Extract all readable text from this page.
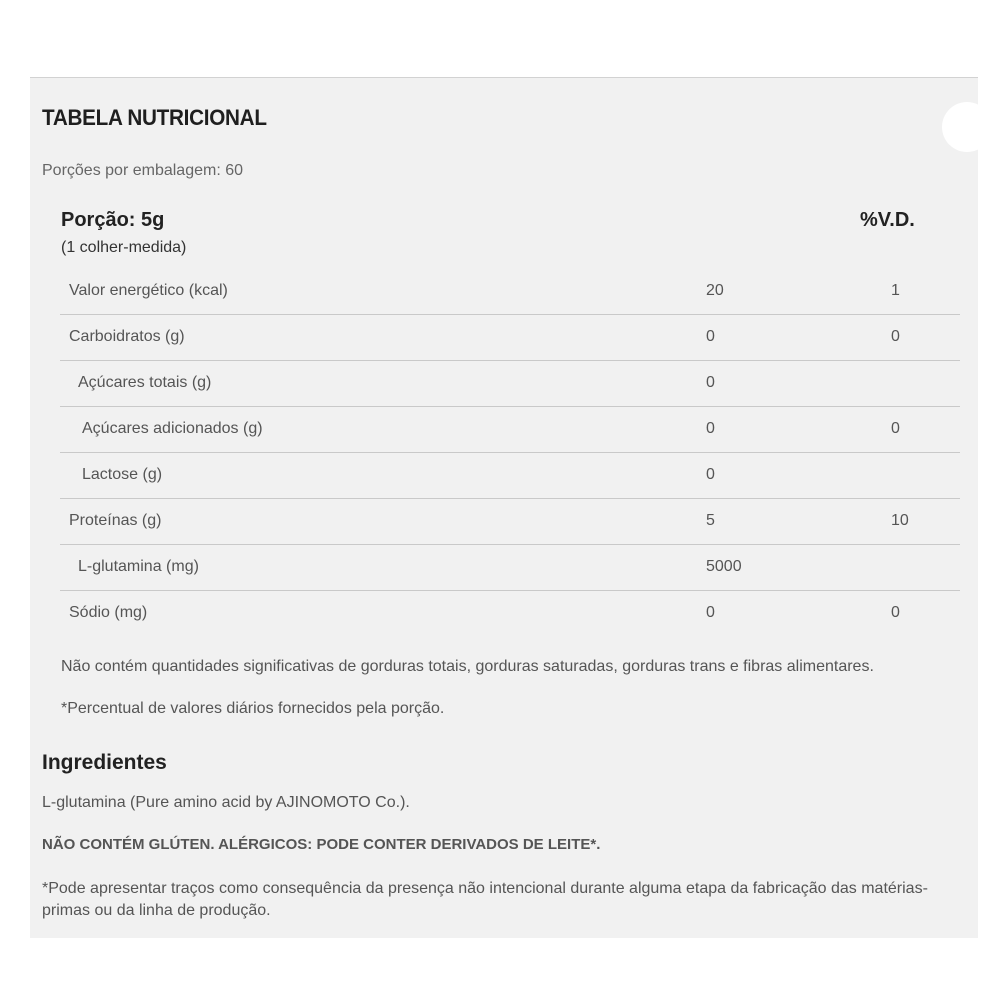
TABELA NUTRICIONAL
Porções por embalagem: 60
Porção: 5g
(1 colher-medida)
%V.D.
Valor energético (kcal)	20	1
Carboidratos (g)	0	0
Açúcares totais (g)	0
Açúcares adicionados (g)	0	0
Lactose (g)	0
Proteínas (g)	5	10
L-glutamina (mg)	5000
Sódio (mg)	0	0
Não contém quantidades significativas de gorduras totais, gorduras saturadas, gorduras trans e fibras alimentares.
*Percentual de valores diários fornecidos pela porção.
Ingredientes
L-glutamina (Pure amino acid by AJINOMOTO Co.).
NÃO CONTÉM GLÚTEN. ALÉRGICOS: PODE CONTER DERIVADOS DE LEITE*.
*Pode apresentar traços como consequência da presença não intencional durante alguma etapa da fabricação das matérias-primas ou da linha de produção.
